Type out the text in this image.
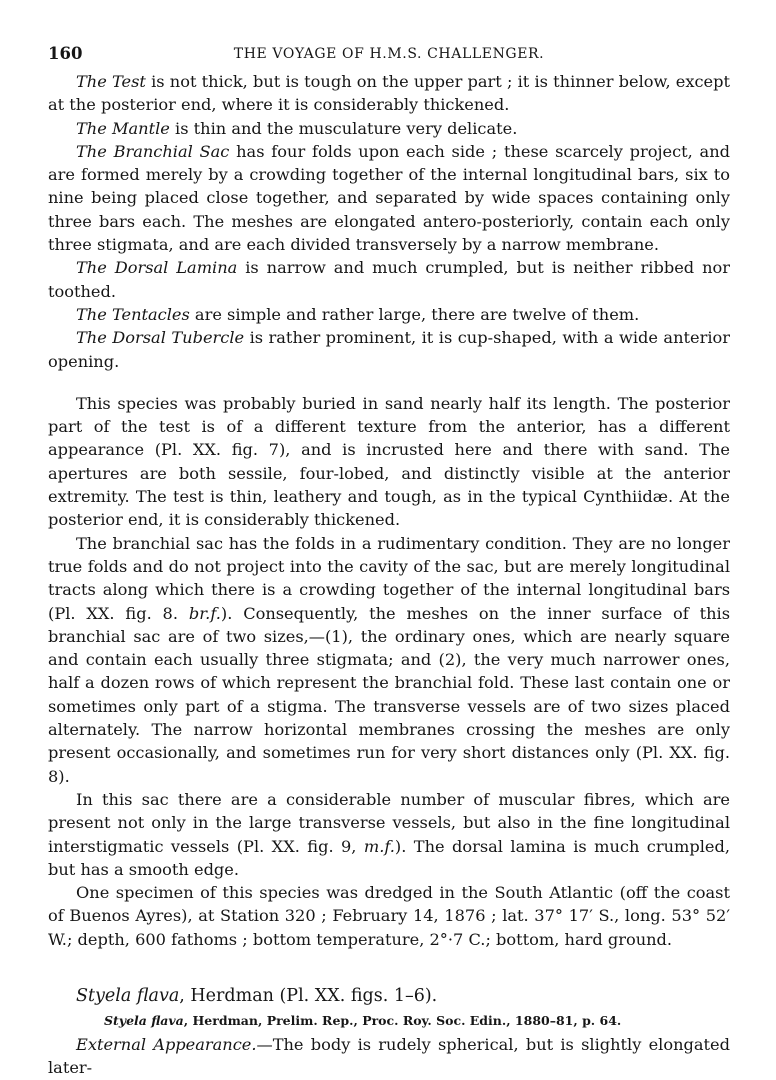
160	THE VOYAGE OF H.M.S. CHALLENGER.

The Test is not thick, but is tough on the upper part ; it is thinner below, except at the posterior end, where it is considerably thickened.

The Mantle is thin and the musculature very delicate.

The Branchial Sac has four folds upon each side ; these scarcely project, and are formed merely by a crowding together of the internal longitudinal bars, six to nine being placed close together, and separated by wide spaces containing only three bars each. The meshes are elongated antero-posteriorly, contain each only three stigmata, and are each divided transversely by a narrow membrane.

The Dorsal Lamina is narrow and much crumpled, but is neither ribbed nor toothed.

The Tentacles are simple and rather large, there are twelve of them.

The Dorsal Tubercle is rather prominent, it is cup-shaped, with a wide anterior opening.

This species was probably buried in sand nearly half its length. The posterior part of the test is of a different texture from the anterior, has a different appearance (Pl. XX. fig. 7), and is incrusted here and there with sand. The apertures are both sessile, four-lobed, and distinctly visible at the anterior extremity. The test is thin, leathery and tough, as in the typical Cynthiidæ. At the posterior end, it is considerably thickened.

The branchial sac has the folds in a rudimentary condition. They are no longer true folds and do not project into the cavity of the sac, but are merely longitudinal tracts along which there is a crowding together of the internal longitudinal bars (Pl. XX. fig. 8. br.f.). Consequently, the meshes on the inner surface of this branchial sac are of two sizes,—(1), the ordinary ones, which are nearly square and contain each usually three stigmata; and (2), the very much narrower ones, half a dozen rows of which represent the branchial fold. These last contain one or sometimes only part of a stigma. The transverse vessels are of two sizes placed alternately. The narrow horizontal membranes crossing the meshes are only present occasionally, and sometimes run for very short distances only (Pl. XX. fig. 8).

In this sac there are a considerable number of muscular fibres, which are present not only in the large transverse vessels, but also in the fine longitudinal interstigmatic vessels (Pl. XX. fig. 9, m.f.). The dorsal lamina is much crumpled, but has a smooth edge.

One specimen of this species was dredged in the South Atlantic (off the coast of Buenos Ayres), at Station 320 ; February 14, 1876 ; lat. 37° 17′ S., long. 53° 52′ W.; depth, 600 fathoms ; bottom temperature, 2°·7 C.; bottom, hard ground.

Styela flava, Herdman (Pl. XX. figs. 1–6).

Styela flava, Herdman, Prelim. Rep., Proc. Roy. Soc. Edin., 1880–81, p. 64.

External Appearance.—The body is rudely spherical, but is slightly elongated later-
